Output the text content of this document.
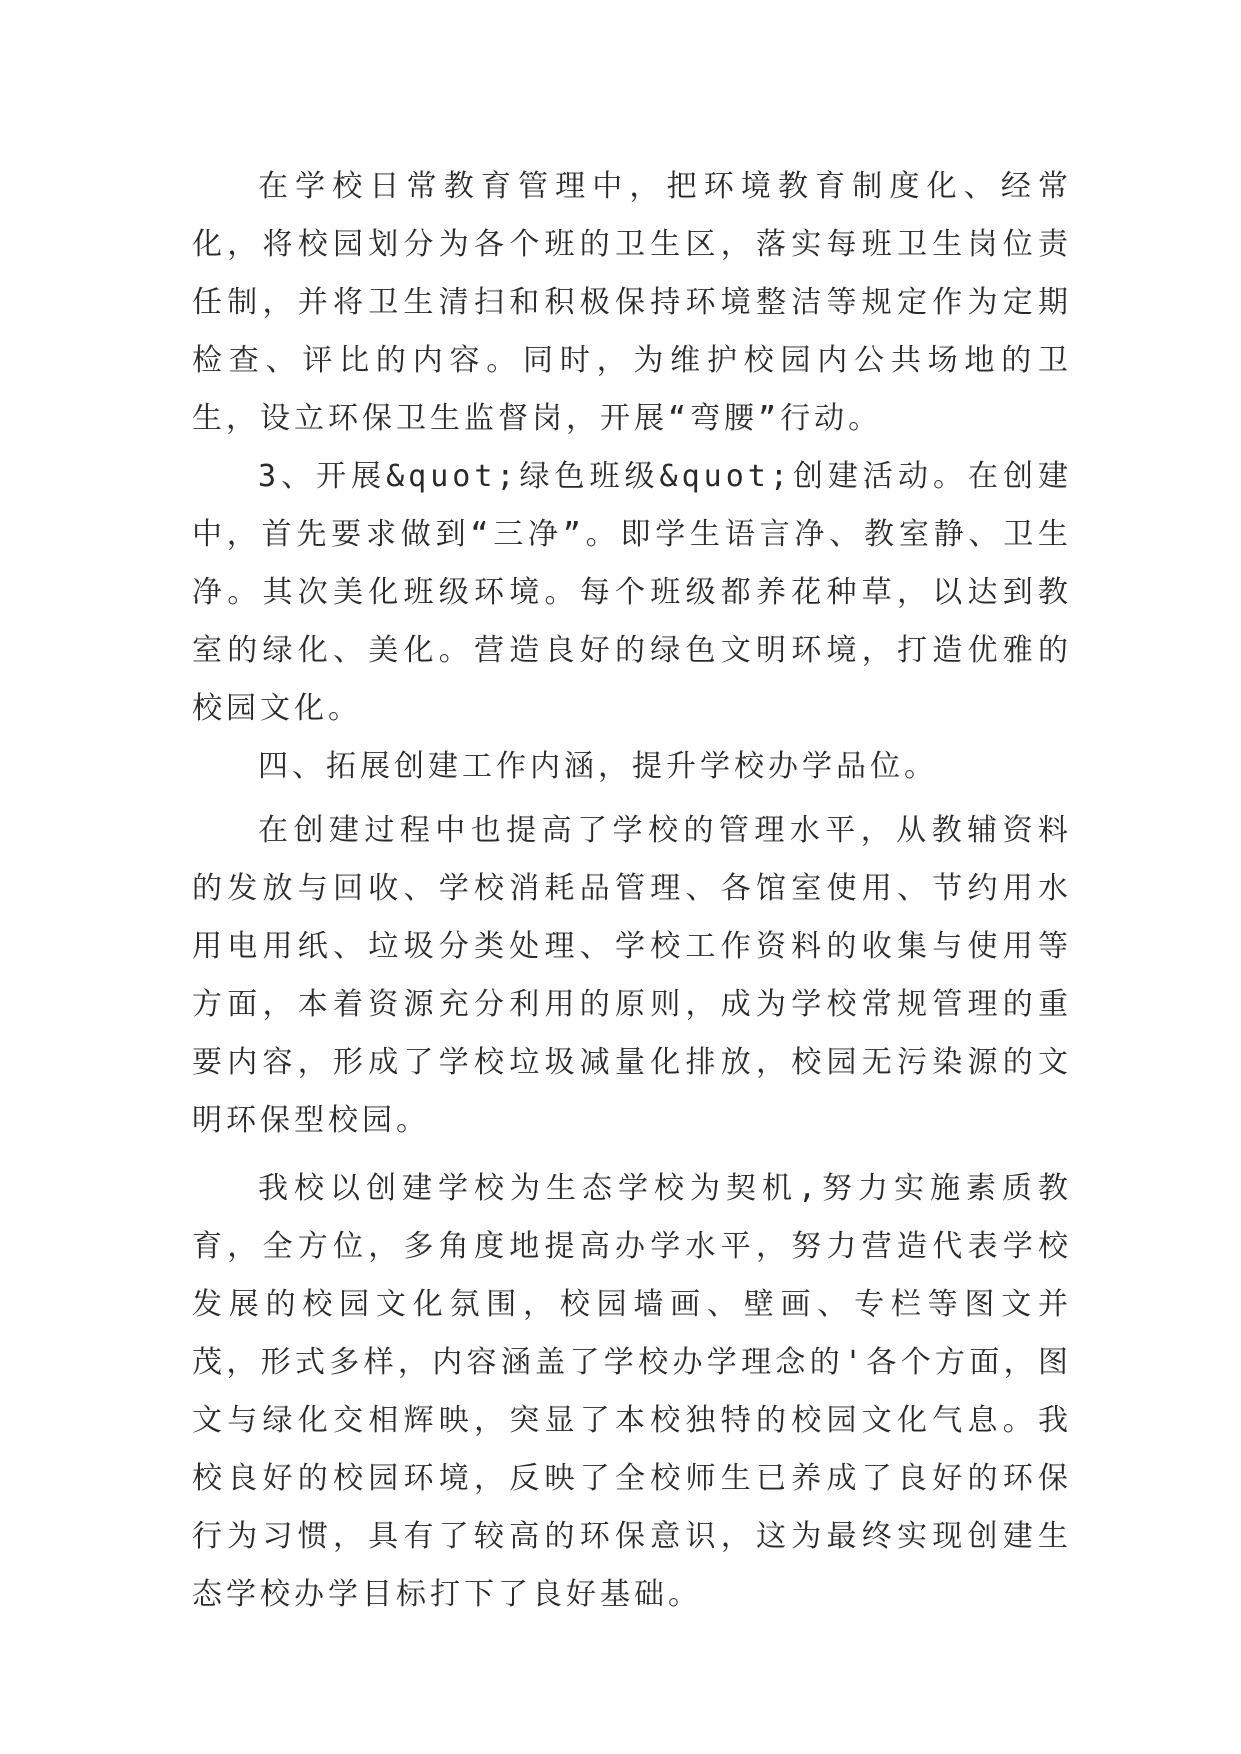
在学校日常教育管理中，把环境教育制度化、经常化，将校园划分为各个班的卫生区，落实每班卫生岗位责任制，并将卫生清扫和积极保持环境整洁等规定作为定期检查、评比的内容。同时，为维护校园内公共场地的卫生，设立环保卫生监督岗，开展“弯腰”行动。

3、开展&quot;绿色班级&quot;创建活动。在创建中，首先要求做到“三净”。即学生语言净、教室静、卫生净。其次美化班级环境。每个班级都养花种草，以达到教室的绿化、美化。营造良好的绿色文明环境，打造优雅的校园文化。

四、拓展创建工作内涵，提升学校办学品位。

在创建过程中也提高了学校的管理水平，从教辅资料的发放与回收、学校消耗品管理、各馆室使用、节约用水用电用纸、垃圾分类处理、学校工作资料的收集与使用等方面，本着资源充分利用的原则，成为学校常规管理的重要内容，形成了学校垃圾减量化排放，校园无污染源的文明环保型校园。

我校以创建学校为生态学校为契机,努力实施素质教育，全方位，多角度地提高办学水平，努力营造代表学校发展的校园文化氛围，校园墙画、壁画、专栏等图文并茂，形式多样，内容涵盖了学校办学理念的'各个方面，图文与绿化交相辉映，突显了本校独特的校园文化气息。我校良好的校园环境，反映了全校师生已养成了良好的环保行为习惯，具有了较高的环保意识，这为最终实现创建生态学校办学目标打下了良好基础。
